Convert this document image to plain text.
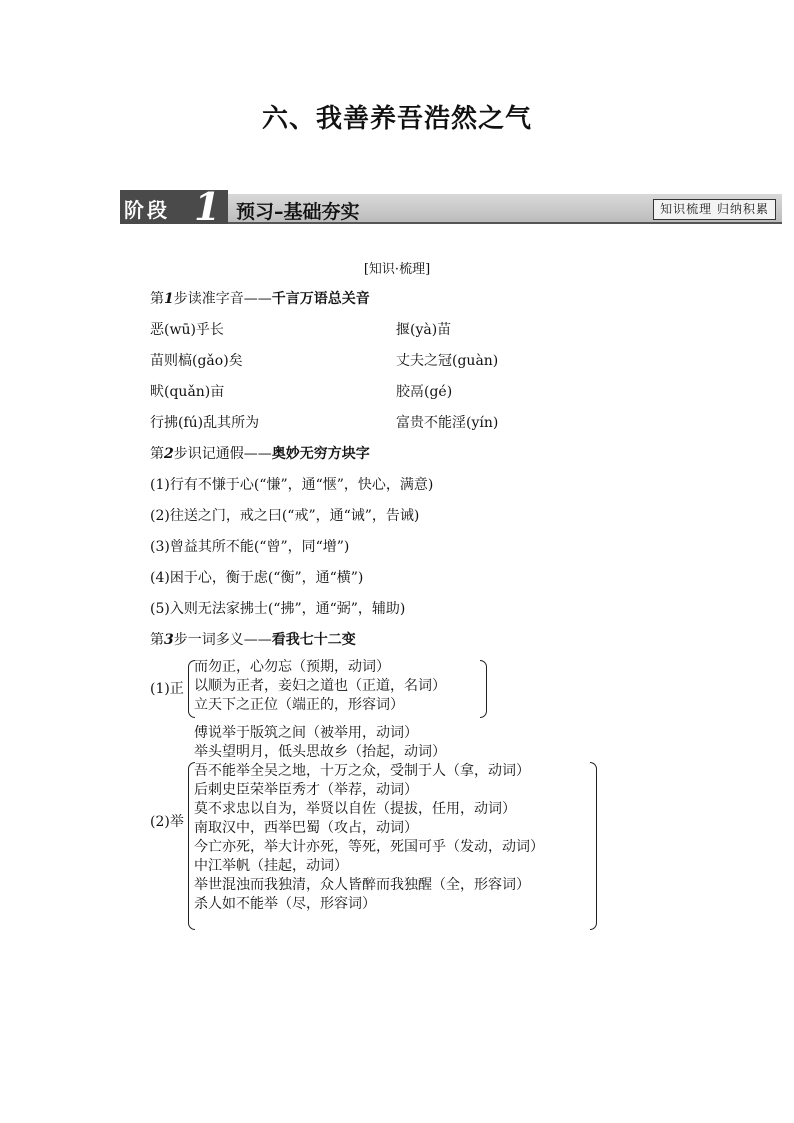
六、我善养吾浩然之气
阶段 1 预习–基础夯实	知识梳理 归纳积累
[知识·梳理]
第1步读准字音——千言万语总关音
恶(wū)乎长	揠(yà)苗
苗则槁(gǎo)矣	丈夫之冠(guàn)
畎(quǎn)亩	胶鬲(gé)
行拂(fú)乱其所为	富贵不能淫(yín)
第2步识记通假——奥妙无穷方块字
(1)行有不慊于心(“慊”，通“惬”，快心，满意)
(2)往送之门，戒之曰(“戒”，通“诫”，告诫)
(3)曾益其所不能(“曾”，同“增”)
(4)困于心，衡于虑(“衡”，通“横”)
(5)入则无法家拂士(“拂”，通“弼”，辅助)
第3步一词多义——看我七十二变
(1)正
而勿正，心勿忘（预期，动词）
以顺为正者，妾妇之道也（正道，名词）
立天下之正位（端正的，形容词）
(2)举
傅说举于版筑之间（被举用，动词）
举头望明月，低头思故乡（抬起，动词）
吾不能举全吴之地，十万之众，受制于人（拿，动词）
后刺史臣荣举臣秀才（举荐，动词）
莫不求忠以自为，举贤以自佐（提拔，任用，动词）
南取汉中，西举巴蜀（攻占，动词）
今亡亦死，举大计亦死，等死，死国可乎（发动，动词）
中江举帆（挂起，动词）
举世混浊而我独清，众人皆醉而我独醒（全，形容词）
杀人如不能举（尽，形容词）
